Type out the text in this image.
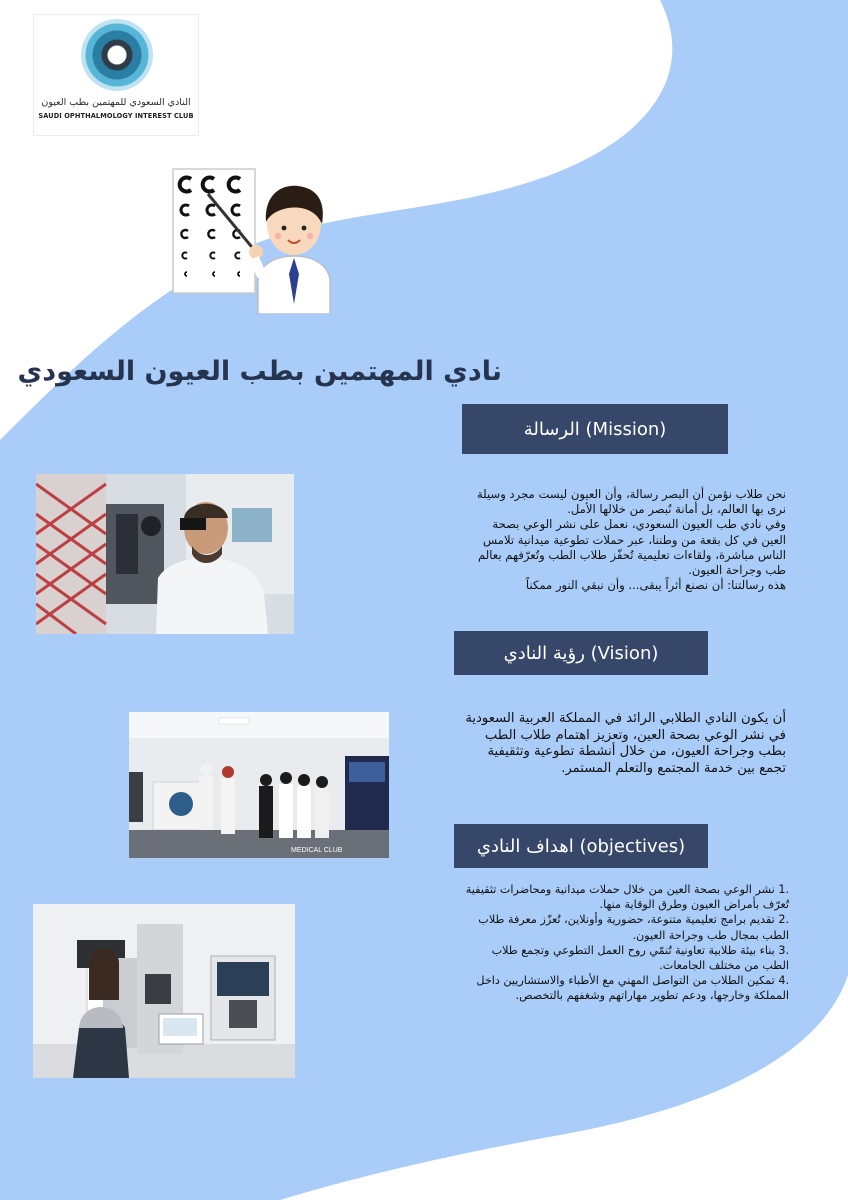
النادي السعودي للمهتمين بطب العيون
SAUDI OPHTHALMOLOGY INTEREST CLUB
نادي المهتمين بطب العيون السعودي
الرسالة (Mission)
نحن طلاب نؤمن أن البصر رسالة، وأن العيون ليست مجرد وسيلة
نرى بها العالم، بل أمانة نُبصر من خلالها الأمل.
وفي نادي طب العيون السعودي، نعمل على نشر الوعي بصحة
العين في كل بقعة من وطننا، عبر حملات تطوعية ميدانية تلامس
الناس مباشرة، ولقاءات تعليمية تُحفّز طلاب الطب وتُعرّفهم بعالم
طب وجراحة العيون.
هذه رسالتنا: أن نصنع أثراً يبقى... وأن نبقي النور ممكناً
رؤية النادي (Vision)
MEDICAL CLUB
أن يكون النادي الطلابي الرائد في المملكة العربية السعودية
في نشر الوعي بصحة العين، وتعزيز اهتمام طلاب الطب
بطب وجراحة العيون، من خلال أنشطة تطوعية وتثقيفية
تجمع بين خدمة المجتمع والتعلم المستمر.
اهداف النادي (objectives)
.1 نشر الوعي بصحة العين من خلال حملات ميدانية ومحاضرات تثقيفية
تُعرّف بأمراض العيون وطرق الوقاية منها.
.2 تقديم برامج تعليمية متنوعة، حضورية وأونلاين، تُعزّز معرفة طلاب
الطب بمجال طب وجراحة العيون.
.3 بناء بيئة طلابية تعاونية تُنمّي روح العمل التطوعي وتجمع طلاب
الطب من مختلف الجامعات.
.4 تمكين الطلاب من التواصل المهني مع الأطباء والاستشاريين داخل
المملكة وخارجها، ودعم تطوير مهاراتهم وشغفهم بالتخصص.
